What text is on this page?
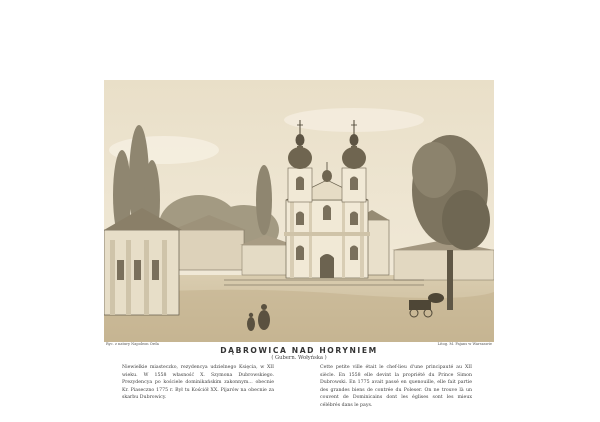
Ryс. z natury Napoleon Orda	Litog. M. Fajans w Warszawie
DĄBROWICA NAD HORYNIEM
( Gubern. Wołyńska )
Niewielkie miasteczko, rezydencya udzielnego Księcia, w XII wieku. W 1558 własność X. Szymona Dubrowskiego. Prezydencya po kościele dominikańskim zakonnym... obecnie Kr. Piaseczno 1775 r. Był tu Kościół XX. Pijarów na obecnie za skarbu Dubrowicy.
Cette petite ville était le chef-lieu d'une principauté au XII siècle. En 1558 elle devint la propriété du Prince Simon Dubrowski. En 1775 avait passé en quenouille, elle fait partie des grandes biens de contrée du Poleser. On ne trouve là un couvent de Dominicains dont les églises sont les mieux célébrés dans le pays.
